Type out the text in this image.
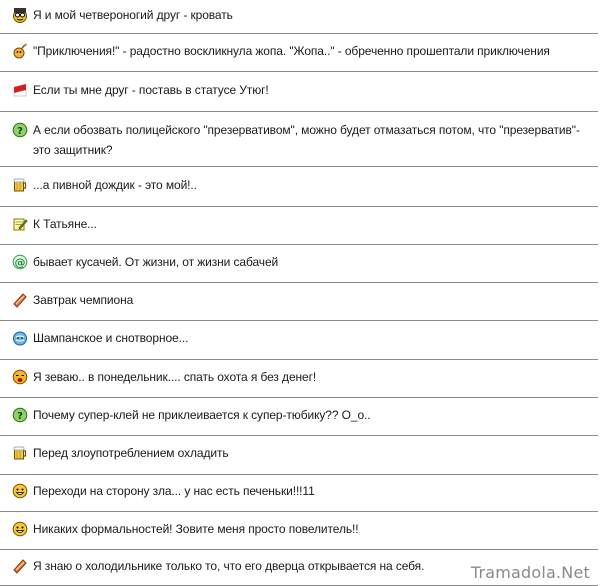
Я и мой четвероногий друг - кровать
"Приключения!" - радостно воскликнула жопа. "Жопа.." - обреченно прошептали приключения
Если ты мне друг - поставь в статусе Утюг!
? А если обозвать полицейского "презервативом", можно будет отмазаться потом, что "презерватив"- это защитник?
...а пивной дождик - это мой!..
К Татьяне...
@ бывает кусачей. От жизни, от жизни сабачей
Завтрак чемпиона
Шампанское и снотворное...
Я зеваю.. в понедельник.... спать охота я без денег!
? Почему супер-клей не приклеивается к супер-тюбику?? О_о..
Перед злоупотреблением охладить
Переходи на сторону зла... у нас есть печеньки!!!11
Никаких формальностей! Зовите меня просто повелитель!!
Я знаю о холодильнике только то, что его дверца открывается на себя.	Tramadola.Net
